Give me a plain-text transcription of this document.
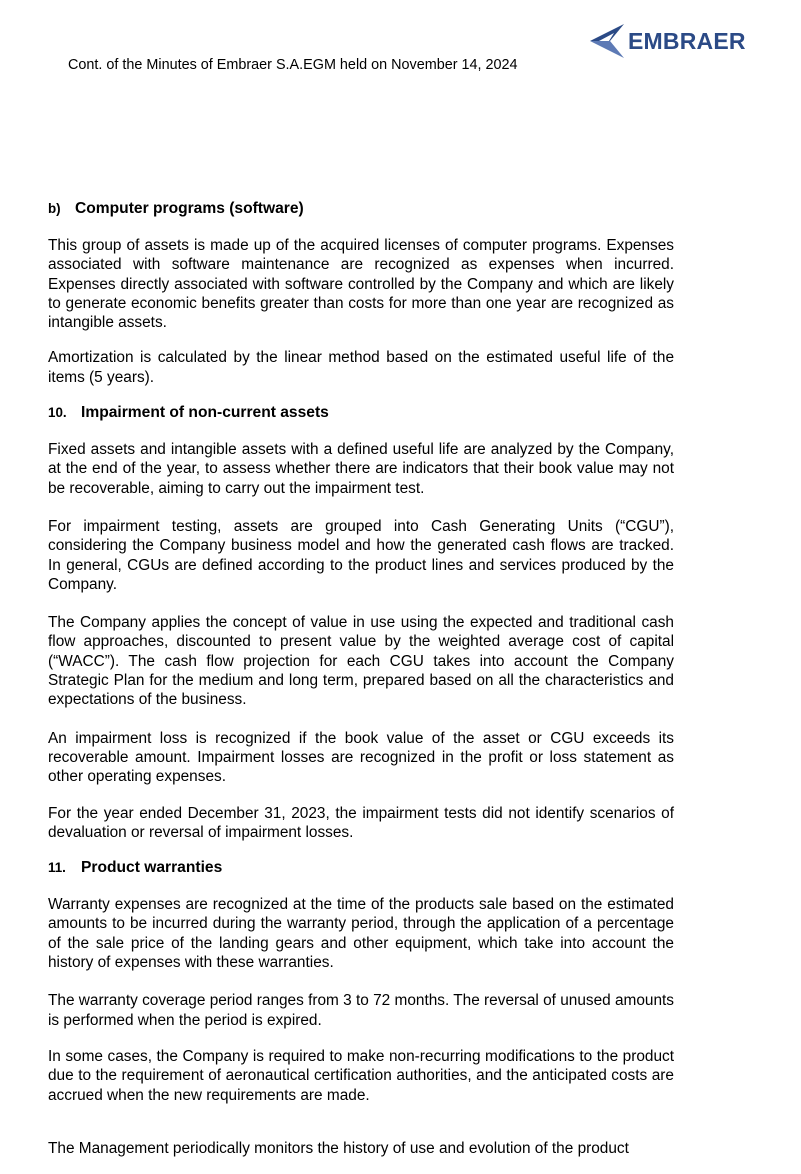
EMBRAER
Cont. of the Minutes of Embraer S.A.EGM held on November 14, 2024
b) Computer programs (software)

This group of assets is made up of the acquired licenses of computer programs. Expenses associated with software maintenance are recognized as expenses when incurred. Expenses directly associated with software controlled by the Company and which are likely to generate economic benefits greater than costs for more than one year are recognized as intangible assets.

Amortization is calculated by the linear method based on the estimated useful life of the items (5 years).

10. Impairment of non-current assets

Fixed assets and intangible assets with a defined useful life are analyzed by the Company, at the end of the year, to assess whether there are indicators that their book value may not be recoverable, aiming to carry out the impairment test.

For impairment testing, assets are grouped into Cash Generating Units (“CGU”), considering the Company business model and how the generated cash flows are tracked. In general, CGUs are defined according to the product lines and services produced by the Company.

The Company applies the concept of value in use using the expected and traditional cash flow approaches, discounted to present value by the weighted average cost of capital (“WACC”). The cash flow projection for each CGU takes into account the Company Strategic Plan for the medium and long term, prepared based on all the characteristics and expectations of the business.

An impairment loss is recognized if the book value of the asset or CGU exceeds its recoverable amount. Impairment losses are recognized in the profit or loss statement as other operating expenses.

For the year ended December 31, 2023, the impairment tests did not identify scenarios of devaluation or reversal of impairment losses.

11. Product warranties

Warranty expenses are recognized at the time of the products sale based on the estimated amounts to be incurred during the warranty period, through the application of a percentage of the sale price of the landing gears and other equipment, which take into account the history of expenses with these warranties.

The warranty coverage period ranges from 3 to 72 months. The reversal of unused amounts is performed when the period is expired.

In some cases, the Company is required to make non-recurring modifications to the product due to the requirement of aeronautical certification authorities, and the anticipated costs are accrued when the new requirements are made.

The Management periodically monitors the history of use and evolution of the product
